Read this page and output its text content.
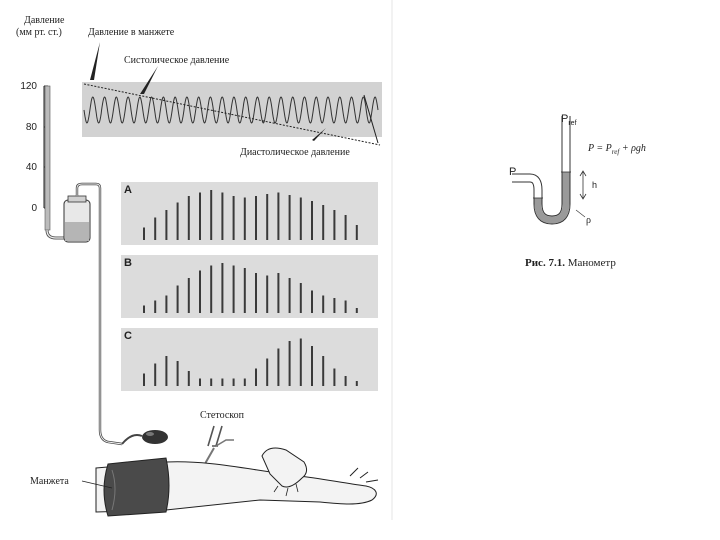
Давление
(мм рт. ст.)	Давление в манжете
Систолическое давление
Диастолическое давление
120
80
40
0
A
B
C
Стетоскоп
Манжета
P
$P_{ref}$
h
ρ
$P = P_{ref} + \rho gh$
Рис. 7.1. Манометр
